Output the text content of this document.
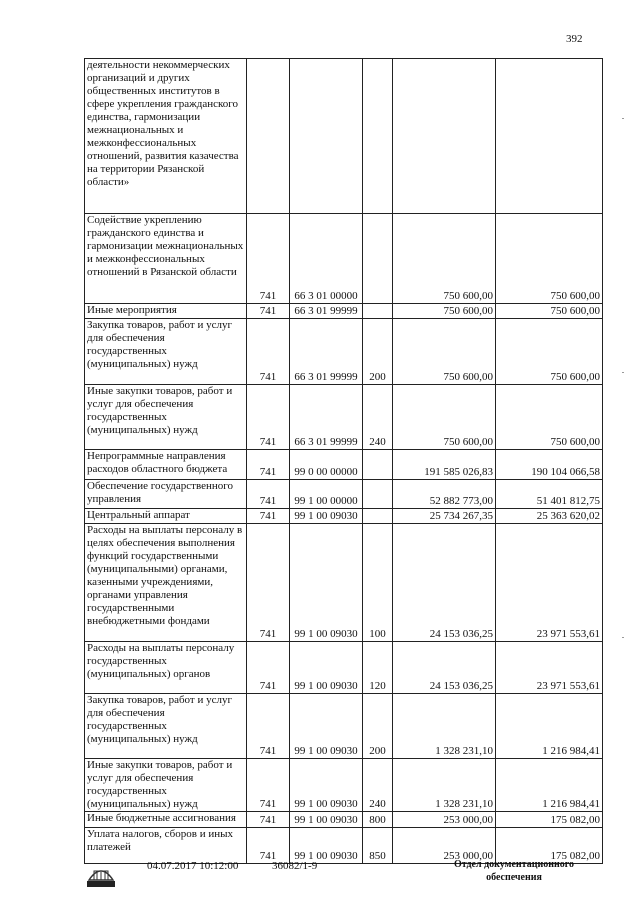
392
деятельности некоммерческих организаций и других общественных институтов в сфере укрепления гражданского единства, гармонизации межнациональных и межконфессиональных отношений, развития казачества на территории Рязанской области»					
Содействие укреплению гражданского единства и гармонизации межнациональных и межконфессиональных отношений в Рязанской области	741	66 3 01 00000		750 600,00	750 600,00
Иные мероприятия	741	66 3 01 99999		750 600,00	750 600,00
Закупка товаров, работ и услуг для обеспечения государственных (муниципальных) нужд	741	66 3 01 99999	200	750 600,00	750 600,00
Иные закупки товаров, работ и услуг для обеспечения государственных (муниципальных) нужд	741	66 3 01 99999	240	750 600,00	750 600,00
Непрограммные направления расходов областного бюджета	741	99 0 00 00000		191 585 026,83	190 104 066,58
Обеспечение государственного управления	741	99 1 00 00000		52 882 773,00	51 401 812,75
Центральный аппарат	741	99 1 00 09030		25 734 267,35	25 363 620,02
Расходы на выплаты персоналу в целях обеспечения выполнения функций государственными (муниципальными) органами, казенными учреждениями, органами управления государственными внебюджетными фондами	741	99 1 00 09030	100	24 153 036,25	23 971 553,61
Расходы на выплаты персоналу государственных (муниципальных) органов	741	99 1 00 09030	120	24 153 036,25	23 971 553,61
Закупка товаров, работ и услуг для обеспечения государственных (муниципальных) нужд	741	99 1 00 09030	200	1 328 231,10	1 216 984,41
Иные закупки товаров, работ и услуг для обеспечения государственных (муниципальных) нужд	741	99 1 00 09030	240	1 328 231,10	1 216 984,41
Иные бюджетные ассигнования	741	99 1 00 09030	800	253 000,00	175 082,00
Уплата налогов, сборов и иных платежей	741	99 1 00 09030	850	253 000,00	175 082,00
04.07.2017 10:12:00	36082/1-9	Отдел документационного
обеспечения
